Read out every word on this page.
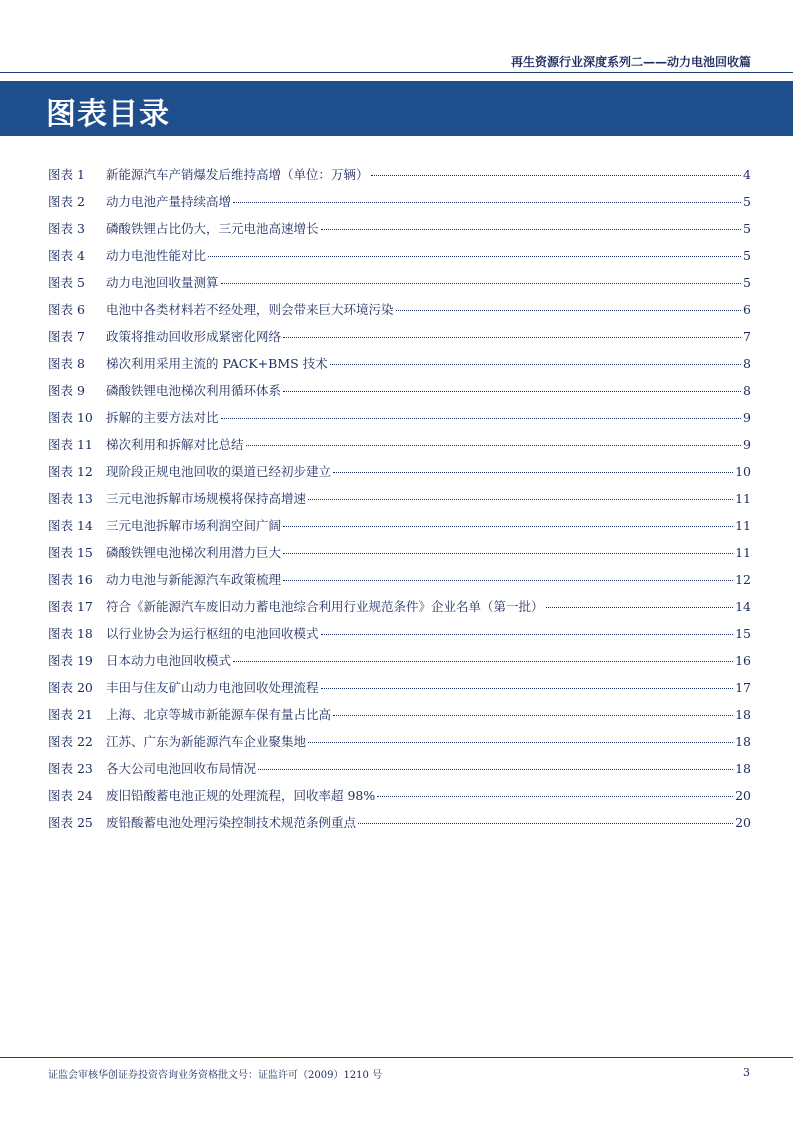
再生资源行业深度系列二——动力电池回收篇
图表目录
图表 1	新能源汽车产销爆发后维持高增（单位：万辆）	4
图表 2	动力电池产量持续高增	5
图表 3	磷酸铁锂占比仍大，三元电池高速增长	5
图表 4	动力电池性能对比	5
图表 5	动力电池回收量测算	5
图表 6	电池中各类材料若不经处理，则会带来巨大环境污染	6
图表 7	政策将推动回收形成紧密化网络	7
图表 8	梯次利用采用主流的 PACK+BMS 技术	8
图表 9	磷酸铁锂电池梯次利用循环体系	8
图表 10	拆解的主要方法对比	9
图表 11	梯次利用和拆解对比总结	9
图表 12	现阶段正规电池回收的渠道已经初步建立	10
图表 13	三元电池拆解市场规模将保持高增速	11
图表 14	三元电池拆解市场利润空间广阔	11
图表 15	磷酸铁锂电池梯次利用潜力巨大	11
图表 16	动力电池与新能源汽车政策梳理	12
图表 17	符合《新能源汽车废旧动力蓄电池综合利用行业规范条件》企业名单（第一批）	14
图表 18	以行业协会为运行枢纽的电池回收模式	15
图表 19	日本动力电池回收模式	16
图表 20	丰田与住友矿山动力电池回收处理流程	17
图表 21	上海、北京等城市新能源车保有量占比高	18
图表 22	江苏、广东为新能源汽车企业聚集地	18
图表 23	各大公司电池回收布局情况	18
图表 24	废旧铅酸蓄电池正规的处理流程，回收率超 98%	20
图表 25	废铅酸蓄电池处理污染控制技术规范条例重点	20
证监会审核华创证券投资咨询业务资格批文号：证监许可（2009）1210 号	3
